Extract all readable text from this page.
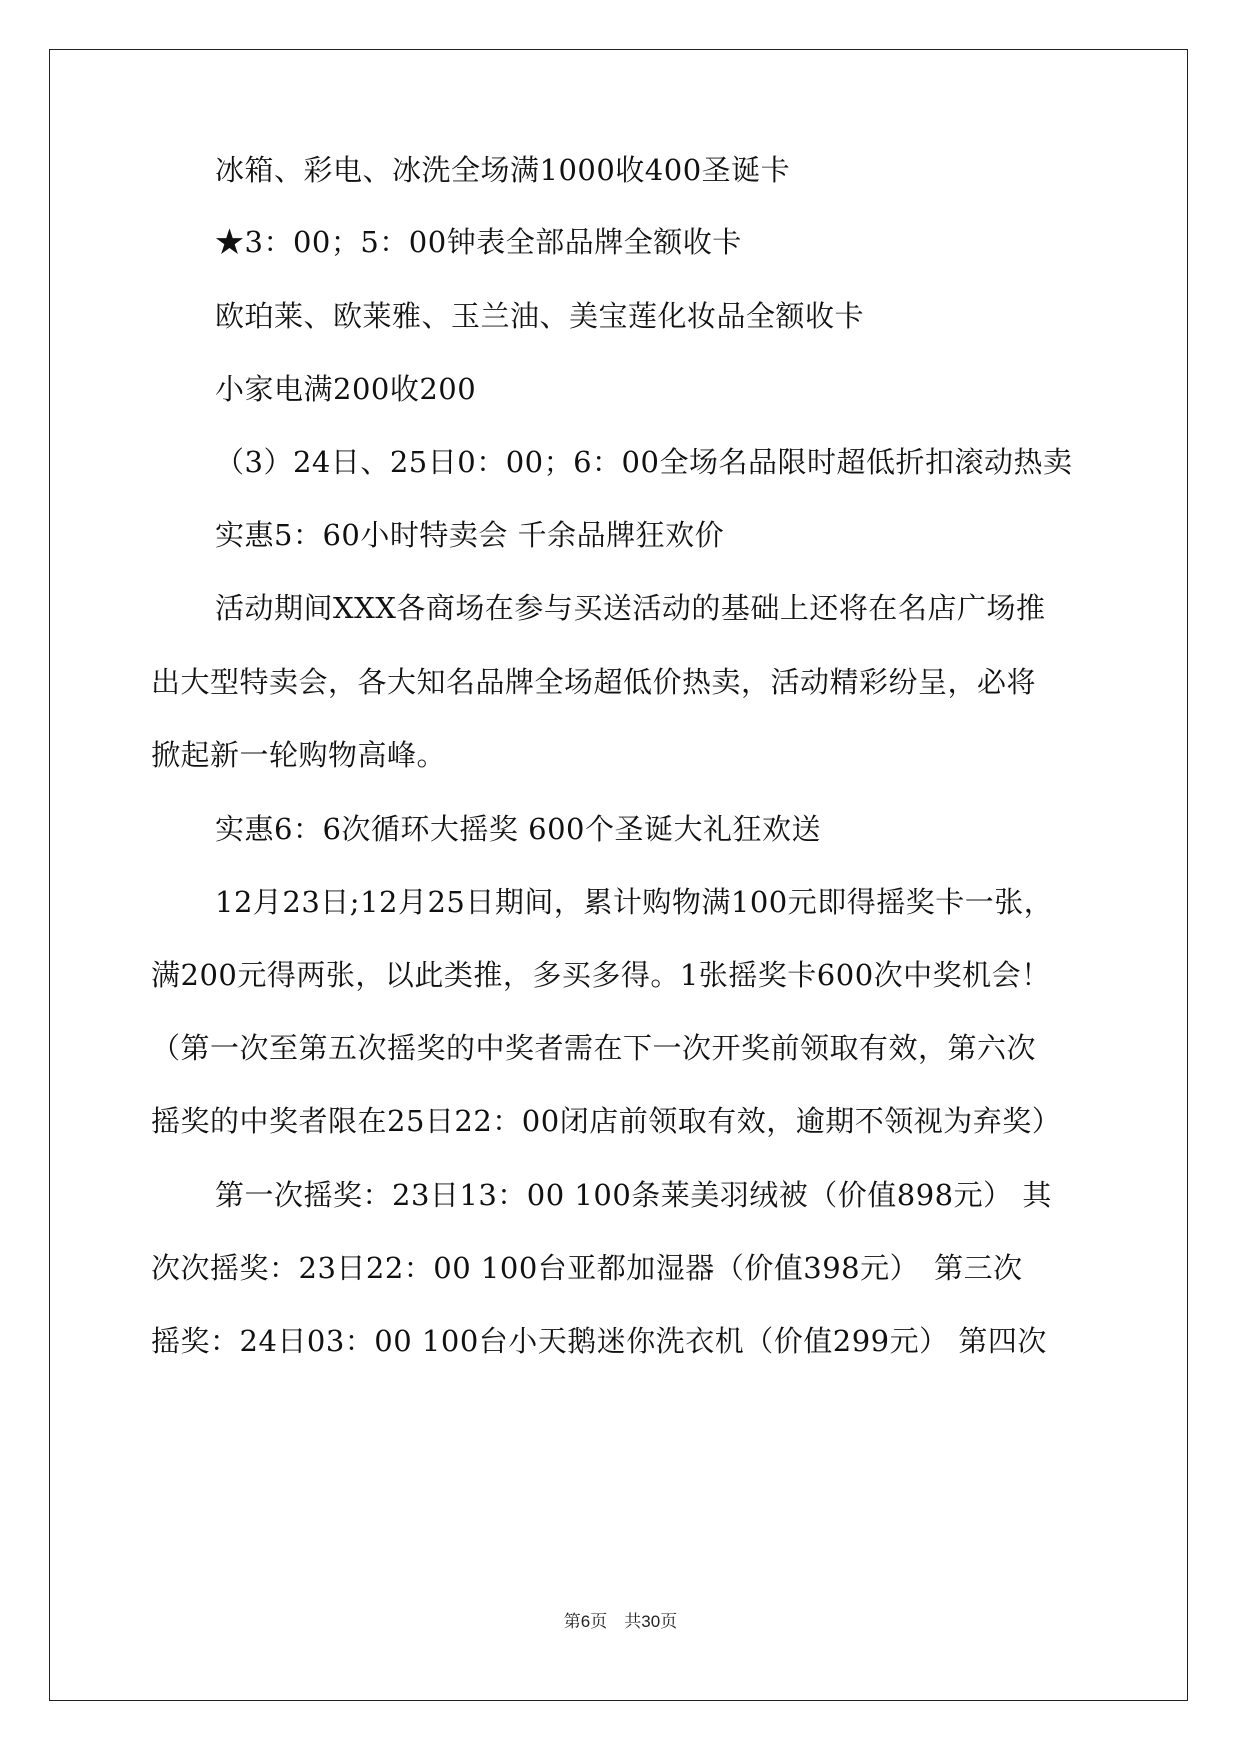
冰箱、彩电、冰洗全场满1000收400圣诞卡
★3：00；5：00钟表全部品牌全额收卡
欧珀莱、欧莱雅、玉兰油、美宝莲化妆品全额收卡
小家电满200收200
（3）24日、25日0：00；6：00全场名品限时超低折扣滚动热卖
实惠5：60小时特卖会 千余品牌狂欢价
活动期间XXX各商场在参与买送活动的基础上还将在名店广场推
出大型特卖会，各大知名品牌全场超低价热卖，活动精彩纷呈，必将
掀起新一轮购物高峰。
实惠6：6次循环大摇奖 600个圣诞大礼狂欢送
12月23日;12月25日期间，累计购物满100元即得摇奖卡一张，
满200元得两张，以此类推，多买多得。1张摇奖卡600次中奖机会！
（第一次至第五次摇奖的中奖者需在下一次开奖前领取有效，第六次
摇奖的中奖者限在25日22：00闭店前领取有效，逾期不领视为弃奖）
第一次摇奖：23日13：00 100条莱美羽绒被（价值898元） 其
次次摇奖：23日22：00 100台亚都加湿器（价值398元）　第三次
摇奖：24日03：00 100台小天鹅迷你洗衣机（价值299元） 第四次
第6页　共30页
